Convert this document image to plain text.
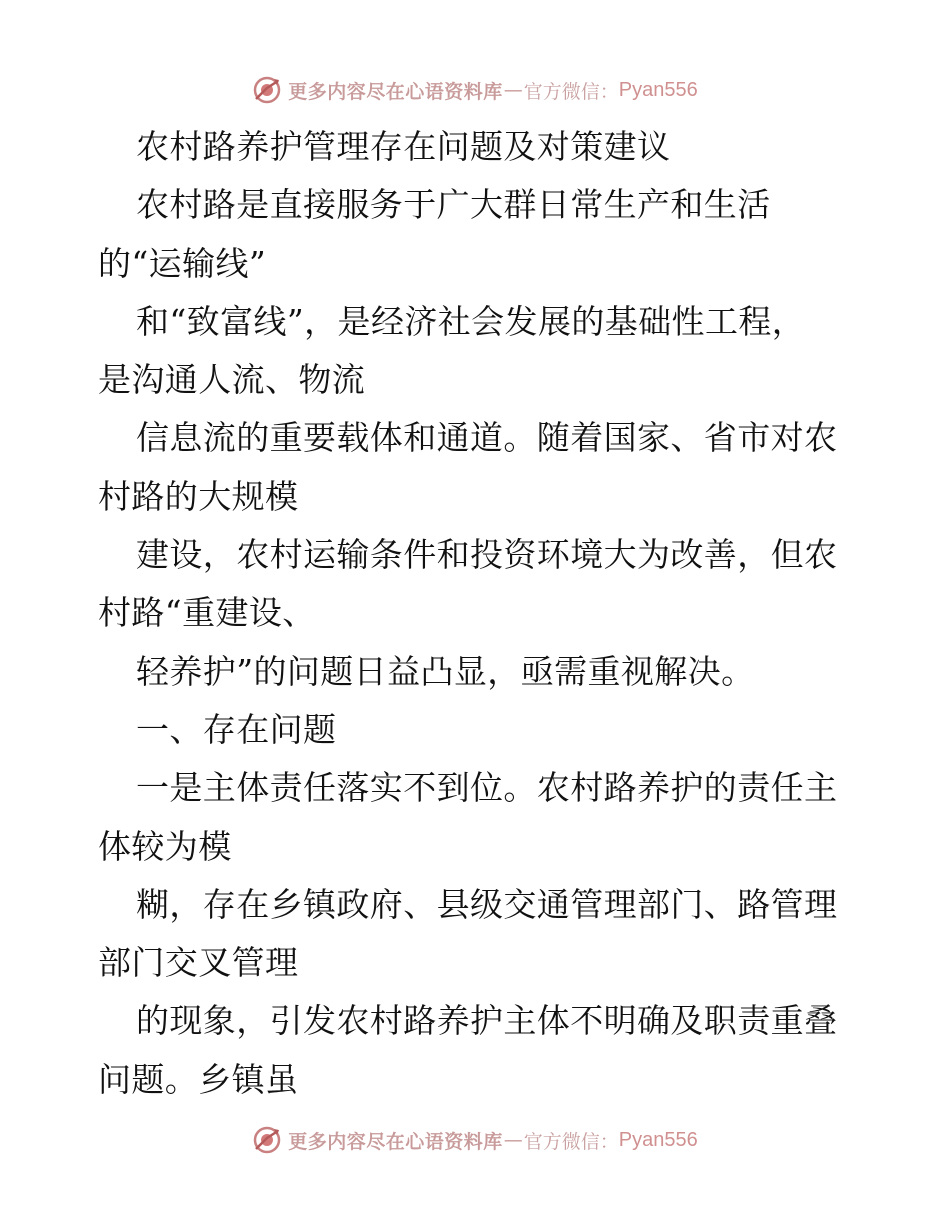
更多内容尽在心语资料库 — 官方微信： Pyan556
农村路养护管理存在问题及对策建议
农村路是直接服务于广大群日常生产和生活
的“运输线”
和“致富线”，是经济社会发展的基础性工程，
是沟通人流、物流
信息流的重要载体和通道。随着国家、省市对农
村路的大规模
建设，农村运输条件和投资环境大为改善，但农
村路“重建设、
轻养护”的问题日益凸显，亟需重视解决。
一、存在问题
一是主体责任落实不到位。农村路养护的责任主
体较为模
糊，存在乡镇政府、县级交通管理部门、路管理
部门交叉管理
的现象，引发农村路养护主体不明确及职责重叠
问题。乡镇虽
更多内容尽在心语资料库 — 官方微信： Pyan556
